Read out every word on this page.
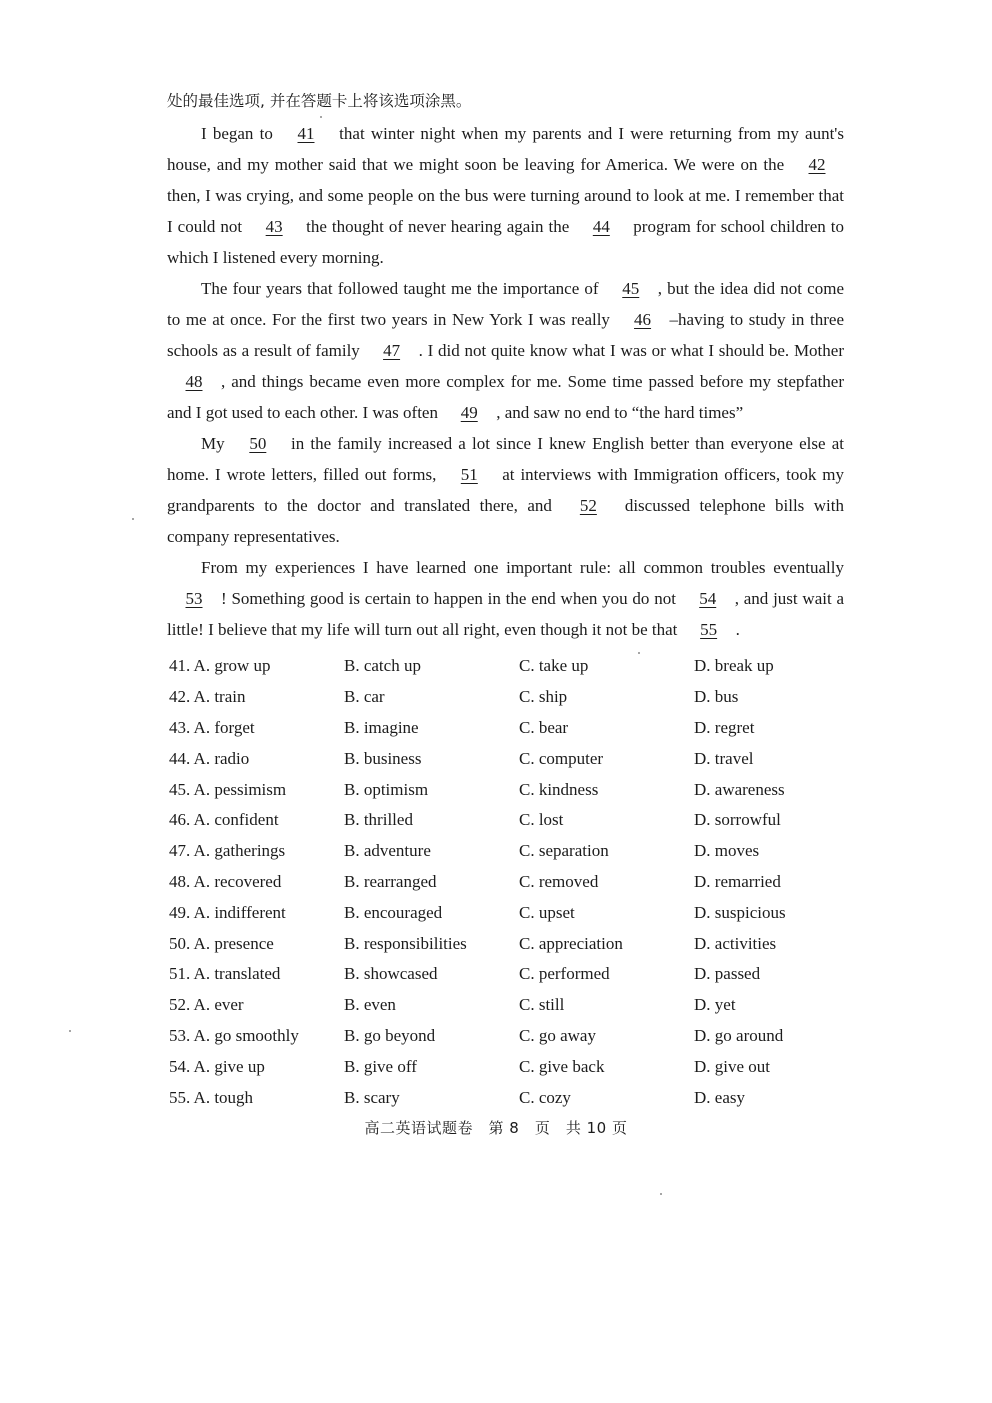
处的最佳选项, 并在答题卡上将该选项涂黑。

I began to 41 that winter night when my parents and I were returning from my aunt's house, and my mother said that we might soon be leaving for America. We were on the 42 then, I was crying, and some people on the bus were turning around to look at me. I remember that I could not 43 the thought of never hearing again the 44 program for school children to which I listened every morning.

The four years that followed taught me the importance of 45 , but the idea did not come to me at once. For the first two years in New York I was really 46 –having to study in three schools as a result of family 47 . I did not quite know what I was or what I should be. Mother 48 , and things became even more complex for me. Some time passed before my stepfather and I got used to each other. I was often 49 , and saw no end to “the hard times”

My 50 in the family increased a lot since I knew English better than everyone else at home. I wrote letters, filled out forms, 51 at interviews with Immigration officers, took my grandparents to the doctor and translated there, and 52 discussed telephone bills with company representatives.

From my experiences I have learned one important rule: all common troubles eventually 53 ! Something good is certain to happen in the end when you do not 54 , and just wait a little! I believe that my life will turn out all right, even though it not be that 55 .

41. A. grow up	B. catch up	C. take up	D. break up
42. A. train	B. car	C. ship	D. bus
43. A. forget	B. imagine	C. bear	D. regret
44. A. radio	B. business	C. computer	D. travel
45. A. pessimism	B. optimism	C. kindness	D. awareness
46. A. confident	B. thrilled	C. lost	D. sorrowful
47. A. gatherings	B. adventure	C. separation	D. moves
48. A. recovered	B. rearranged	C. removed	D. remarried
49. A. indifferent	B. encouraged	C. upset	D. suspicious
50. A. presence	B. responsibilities	C. appreciation	D. activities
51. A. translated	B. showcased	C. performed	D. passed
52. A. ever	B. even	C. still	D. yet
53. A. go smoothly	B. go beyond	C. go away	D. go around
54. A. give up	B. give off	C. give back	D. give out
55. A. tough	B. scary	C. cozy	D. easy
高二英语试题卷　第 8　页　共 10 页
